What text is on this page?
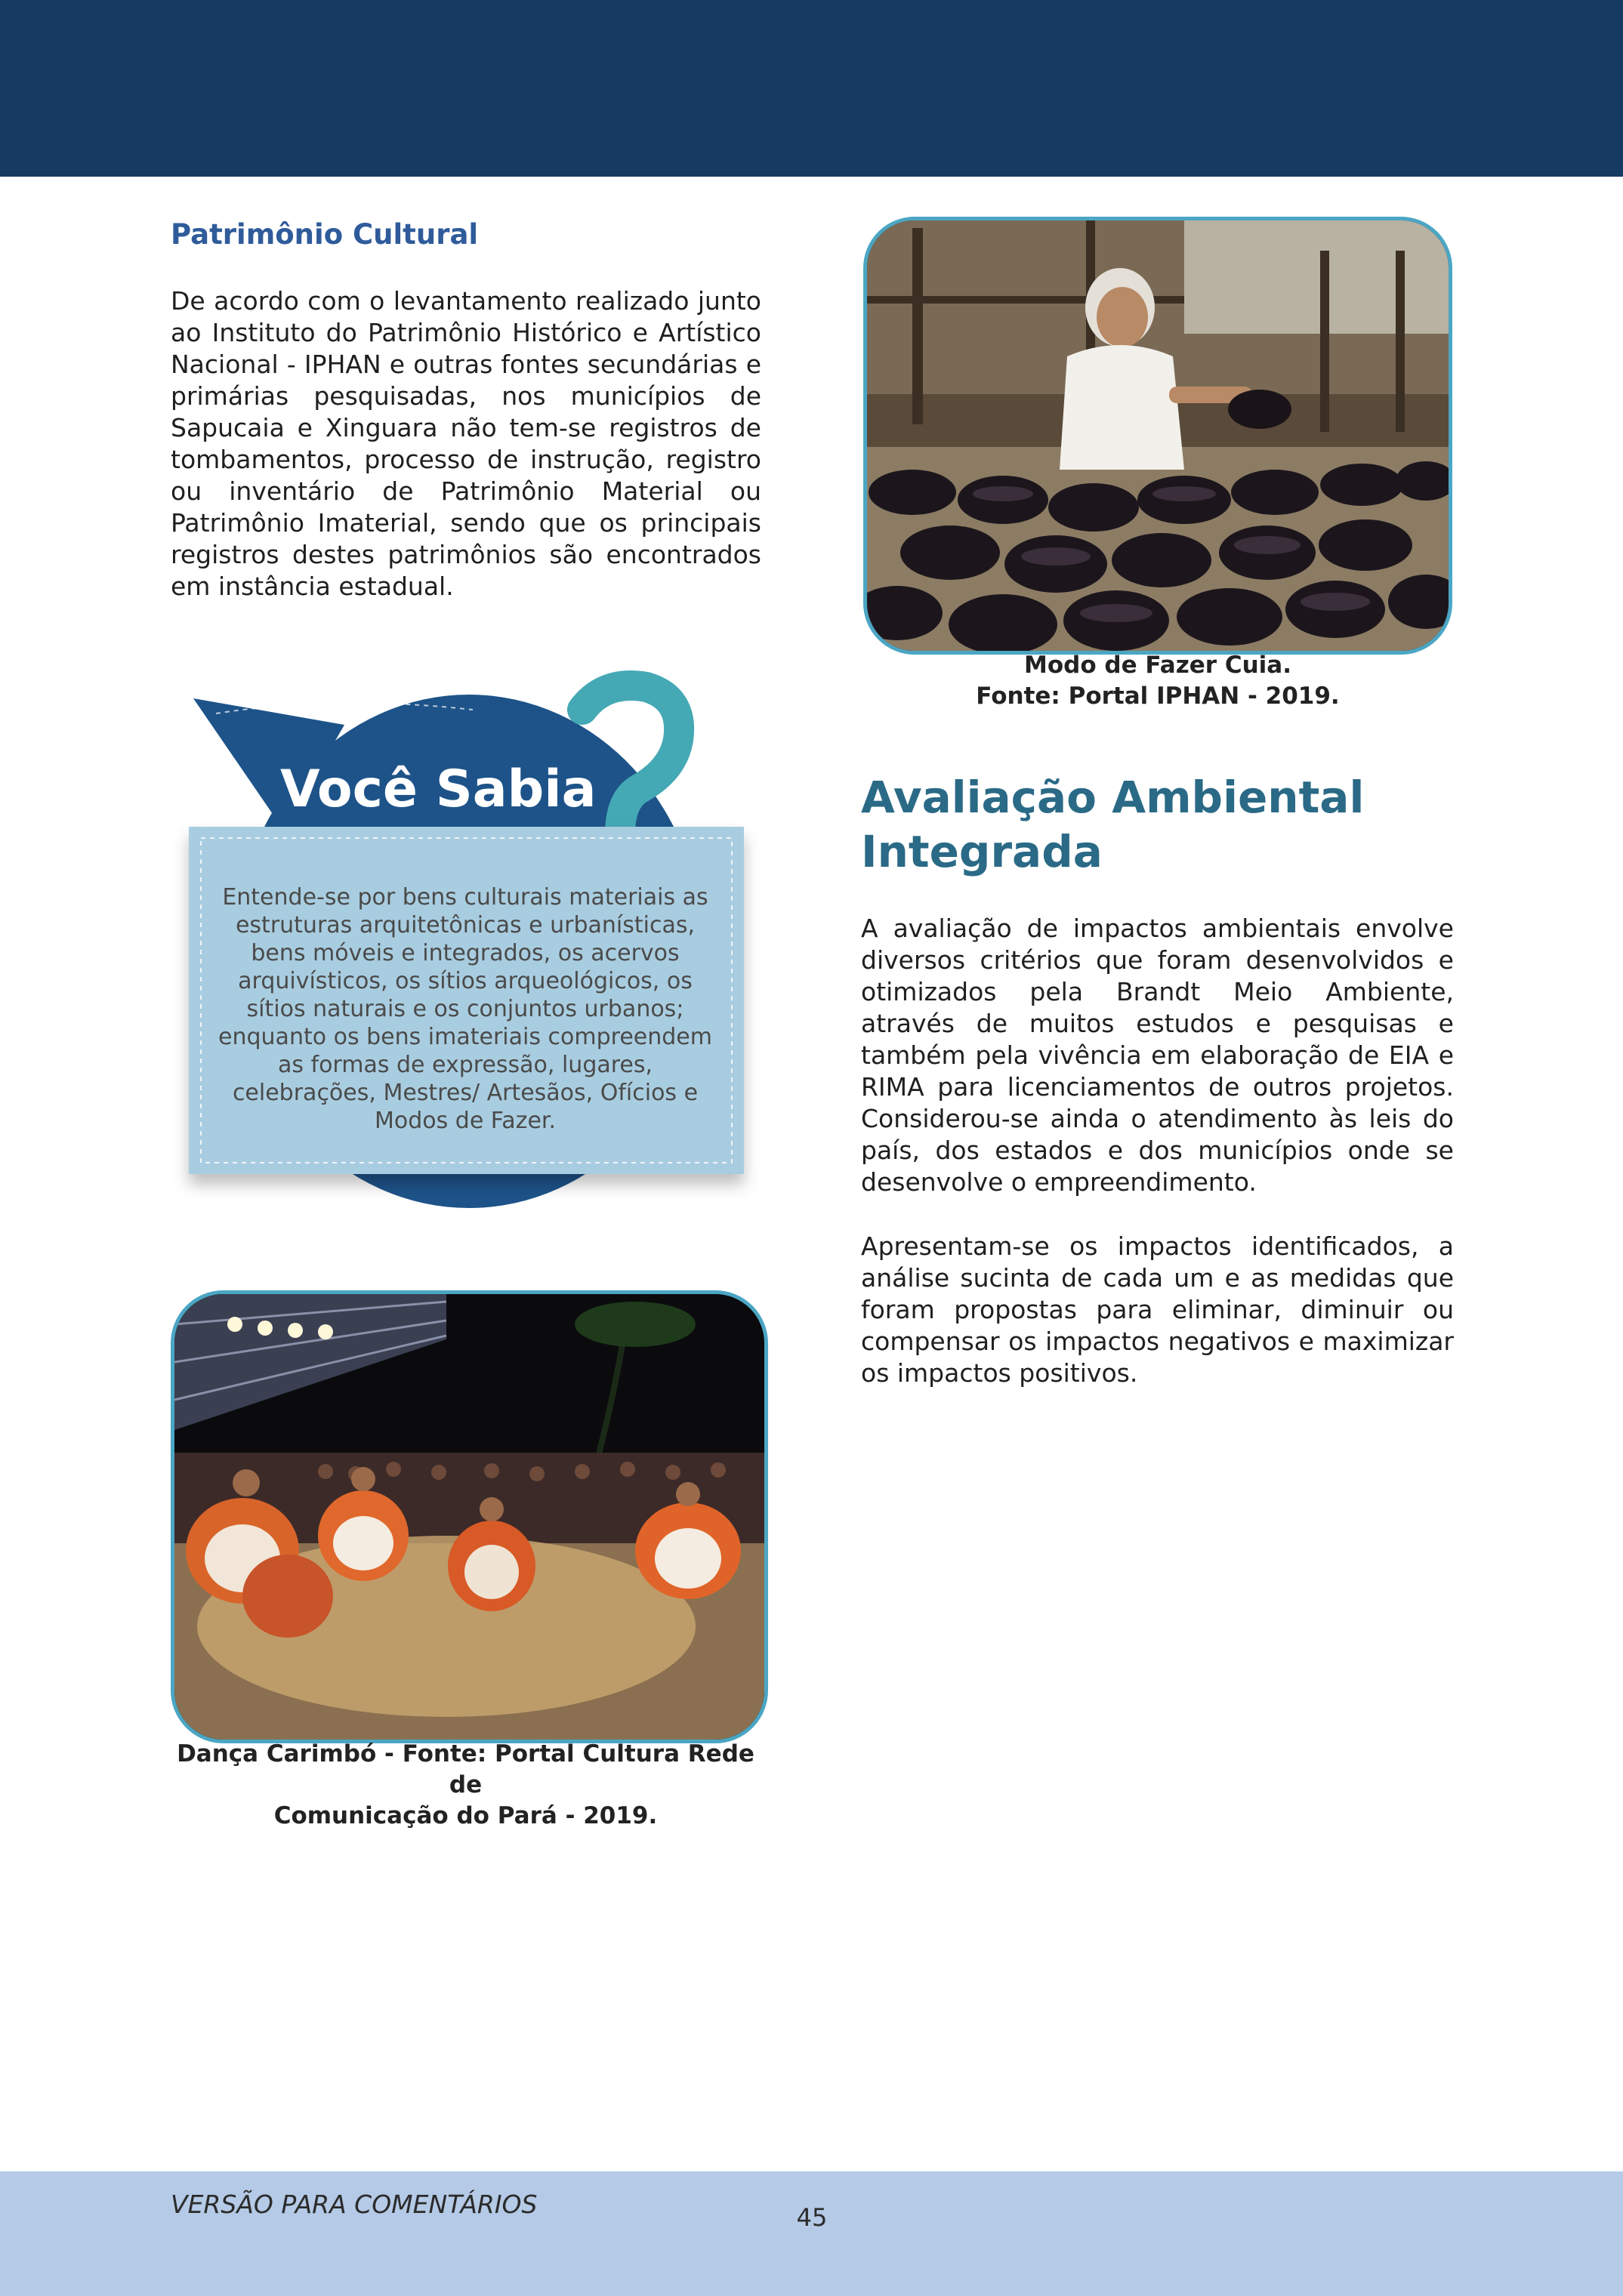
Patrimônio Cultural

De acordo com o levantamento realizado junto ao Instituto do Patrimônio Histórico e Artístico Nacional - IPHAN e outras fontes secundárias e primárias pesquisadas, nos municípios de Sapucaia e Xinguara não tem-se registros de tombamentos, processo de instrução, registro ou inventário de Patrimônio Material ou Patrimônio Imaterial, sendo que os principais registros destes patrimônios são encontrados em instância estadual.

Modo de Fazer Cuia.
Fonte: Portal IPHAN - 2019.
Você Sabia

Entende-se por bens culturais materiais as estruturas arquitetônicas e urbanísticas, bens móveis e integrados, os acervos arquivísticos, os sítios arqueológicos, os sítios naturais e os conjuntos urbanos; enquanto os bens imateriais compreendem as formas de expressão, lugares, celebrações, Mestres/ Artesãos, Ofícios e Modos de Fazer.

Dança Carimbó - Fonte: Portal Cultura Rede de
Comunicação do Pará - 2019.
Avaliação Ambiental
Integrada

A avaliação de impactos ambientais envolve diversos critérios que foram desenvolvidos e otimizados pela Brandt Meio Ambiente, através de muitos estudos e pesquisas e também pela vivência em elaboração de EIA e RIMA para licenciamentos de outros projetos. Considerou-se ainda o atendimento às leis do país, dos estados e dos municípios onde se desenvolve o empreendimento.

Apresentam-se os impactos identificados, a análise sucinta de cada um e as medidas que foram propostas para eliminar, diminuir ou compensar os impactos negativos e maximizar os impactos positivos.

VERSÃO PARA COMENTÁRIOS	45
